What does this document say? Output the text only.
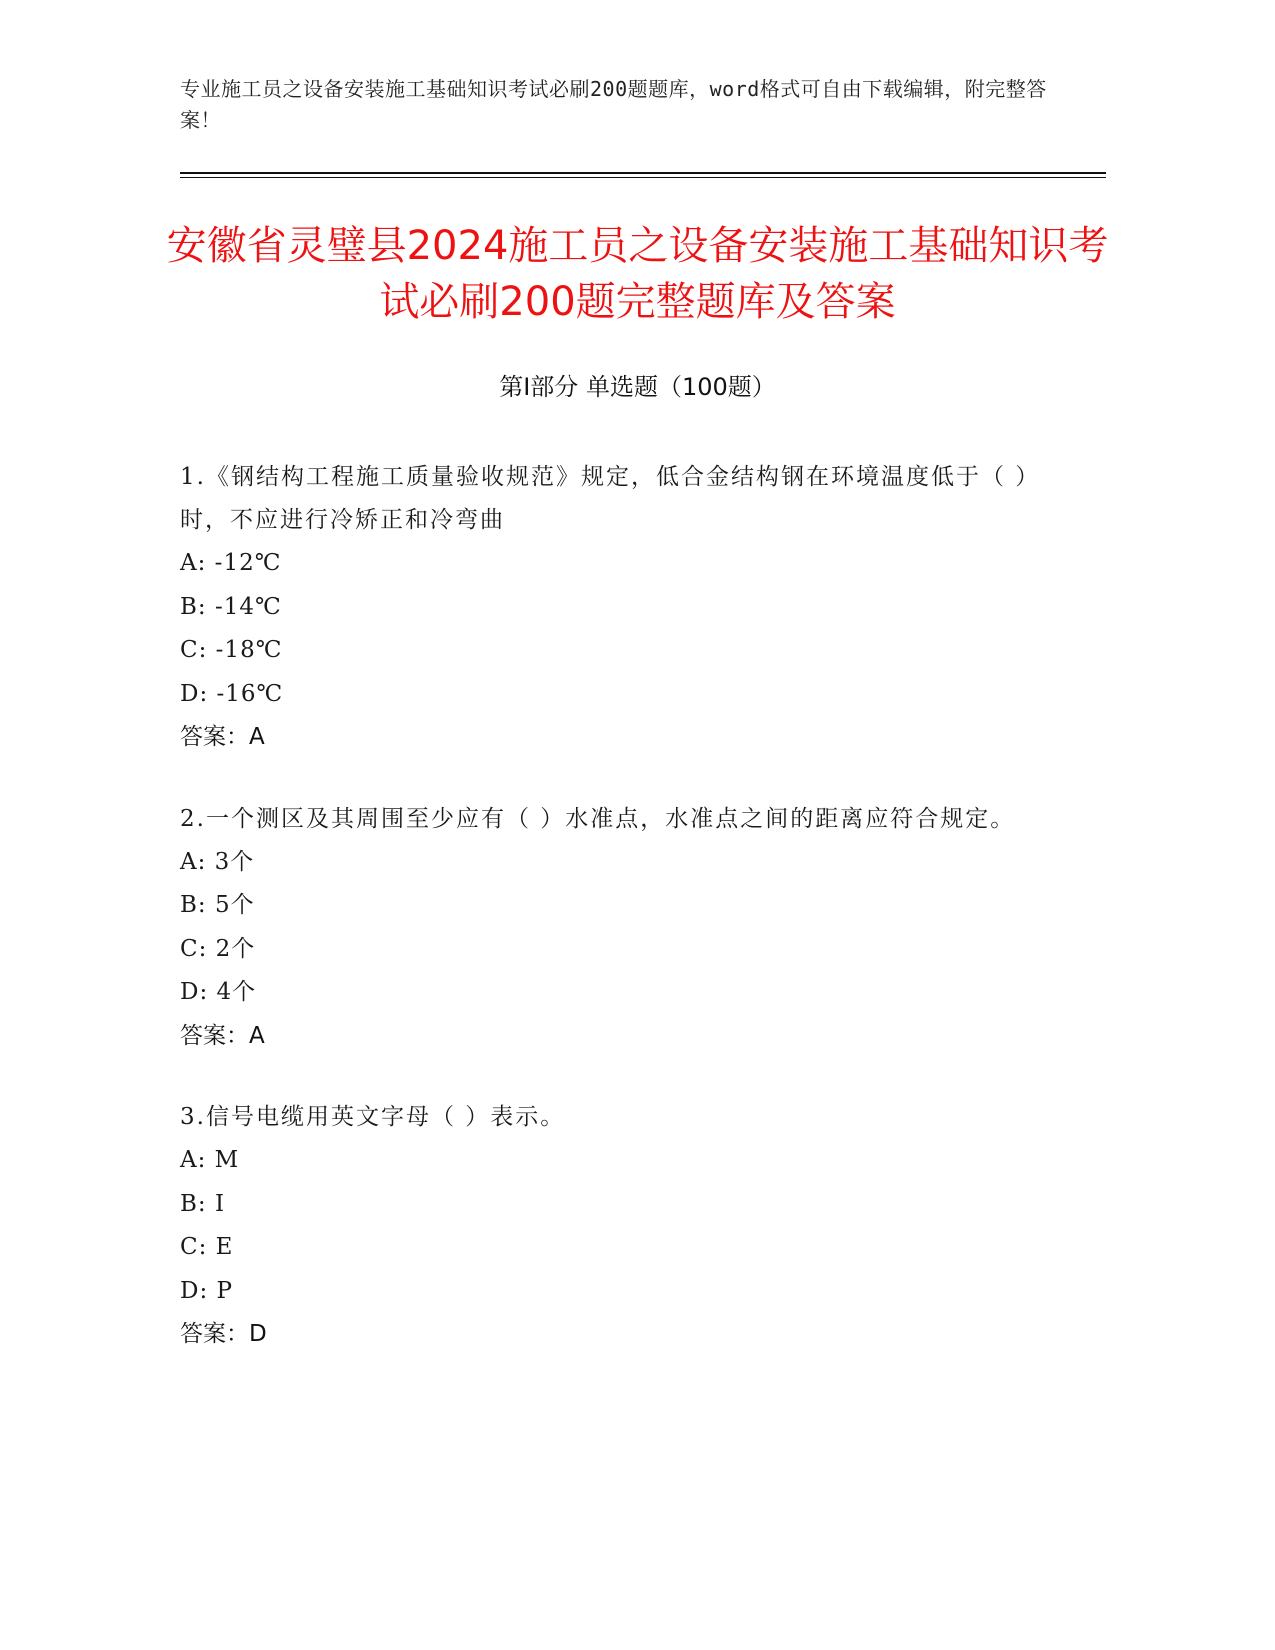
专业施工员之设备安装施工基础知识考试必刷200题题库，word格式可自由下载编辑，附完整答案！
安徽省灵璧县2024施工员之设备安装施工基础知识考试必刷200题完整题库及答案
第I部分 单选题（100题）
1.《钢结构工程施工质量验收规范》规定，低合金结构钢在环境温度低于（ ）时，不应进行冷矫正和冷弯曲
A: -12℃
B: -14℃
C: -18℃
D: -16℃
答案：A
2.一个测区及其周围至少应有（ ）水准点，水准点之间的距离应符合规定。
A: 3个
B: 5个
C: 2个
D: 4个
答案：A
3.信号电缆用英文字母（ ）表示。
A: M
B: I
C: E
D: P
答案：D
